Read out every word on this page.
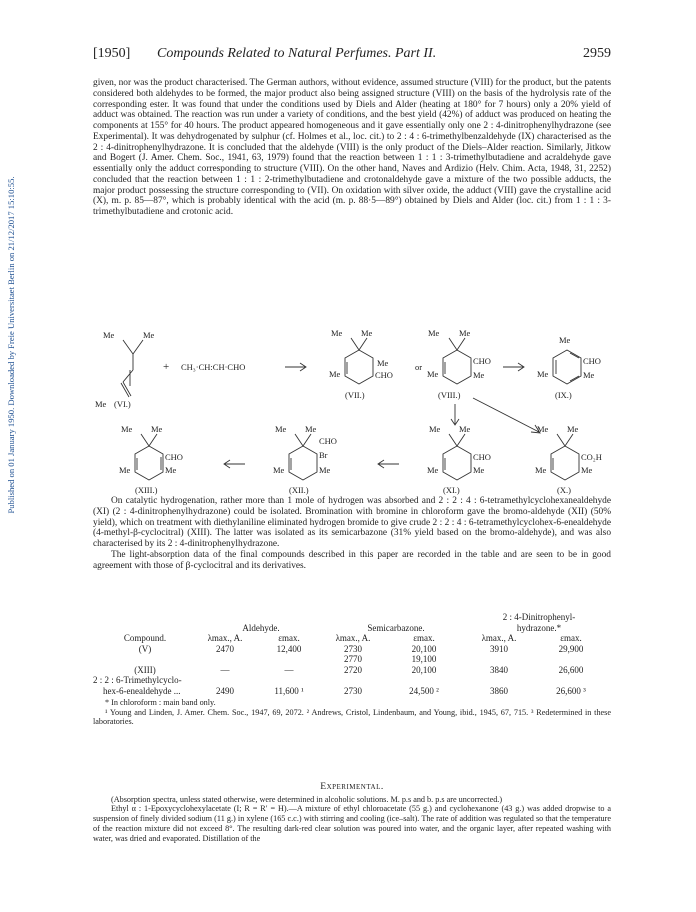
Published on 01 January 1950. Downloaded by Freie Universitaet Berlin on 21/12/2017 15:10:55.
[1950] Compounds Related to Natural Perfumes. Part II.	2959

given, nor was the product characterised. The German authors, without evidence, assumed structure (VIII) for the product, but the patents considered both aldehydes to be formed, the major product also being assigned structure (VIII) on the basis of the hydrolysis rate of the corresponding ester. It was found that under the conditions used by Diels and Alder (heating at 180° for 7 hours) only a 20% yield of adduct was obtained. The reaction was run under a variety of conditions, and the best yield (42%) of adduct was produced on heating the components at 155° for 40 hours. The product appeared homogeneous and it gave essentially only one 2 : 4-dinitrophenylhydrazone (see Experimental). It was dehydrogenated by sulphur (cf. Holmes et al., loc. cit.) to 2 : 4 : 6-trimethylbenzaldehyde (IX) characterised as the 2 : 4-dinitrophenylhydrazone. It is concluded that the aldehyde (VIII) is the only product of the Diels–Alder reaction. Similarly, Jitkow and Bogert (J. Amer. Chem. Soc., 1941, 63, 1979) found that the reaction between 1 : 1 : 3-trimethylbutadiene and acraldehyde gave essentially only the adduct corresponding to structure (VIII). On the other hand, Naves and Ardizio (Helv. Chim. Acta, 1948, 31, 2252) concluded that the reaction between 1 : 1 : 2-trimethylbutadiene and crotonaldehyde gave a mixture of the two possible adducts, the major product possessing the structure corresponding to (VII). On oxidation with silver oxide, the adduct (VIII) gave the crystalline acid (X), m. p. 85—87°, which is probably identical with the acid (m. p. 88·5—89°) obtained by Diels and Alder (loc. cit.) from 1 : 1 : 3-trimethylbutadiene and crotonic acid.

Me	Me
Me (VI.)
+ CH₃·CH:CH·CHO
Me Me
Me
Me	CHO
(VII.)
or
Me Me
CHO
Me	Me
(VIII.)
Me
CHO
Me	Me
(IX.)
Me Me
CHO
Me	Me
(XIII.)
Me Me
CHO
Br
Me	Me
(XII.)
Me Me
CHO
Me	Me
(XI.)
Me Me
CO₂H
Me	Me
(X.)

On catalytic hydrogenation, rather more than 1 mole of hydrogen was absorbed and 2 : 2 : 4 : 6-tetramethylcyclohexanealdehyde (XI) (2 : 4-dinitrophenylhydrazone) could be isolated. Bromination with bromine in chloroform gave the bromo-aldehyde (XII) (50% yield), which on treatment with diethylaniline eliminated hydrogen bromide to give crude 2 : 2 : 4 : 6-tetramethylcyclohex-6-enealdehyde (4-methyl-β-cyclocitral) (XIII). The latter was isolated as its semicarbazone (31% yield based on the bromo-aldehyde), and was also characterised by its 2 : 4-dinitrophenylhydrazone.

The light-absorption data of the final compounds described in this paper are recorded in the table and are seen to be in good agreement with those of β-cyclocitral and its derivatives.

					2 : 4-Dinitrophenyl-	
	Aldehyde.		Semicarbazone.		hydrazone.*	
Compound.	λmax., A.	εmax.	λmax., A.	εmax.	λmax., A.	εmax.
(V)	2470	12,400	2730	20,100	3910	29,900
			2770	19,100		
(XIII)	—	—	2720	20,100	3840	26,600
2 : 2 : 6-Trimethylcyclo-						
hex-6-enealdehyde ...	2490	11,600 ¹	2730	24,500 ²	3860	26,600 ³
* In chloroform : main band only.
¹ Young and Linden, J. Amer. Chem. Soc., 1947, 69, 2072. ² Andrews, Cristol, Lindenbaum, and Young, ibid., 1945, 67, 715. ³ Redetermined in these laboratories.
Experimental.

(Absorption spectra, unless stated otherwise, were determined in alcoholic solutions. M. p.s and b. p.s are uncorrected.)

Ethyl α : 1-Epoxycyclohexylacetate (I; R = R′ = H).—A mixture of ethyl chloroacetate (55 g.) and cyclohexanone (43 g.) was added dropwise to a suspension of finely divided sodium (11 g.) in xylene (165 c.c.) with stirring and cooling (ice–salt). The rate of addition was regulated so that the temperature of the reaction mixture did not exceed 8°. The resulting dark-red clear solution was poured into water, and the organic layer, after repeated washing with water, was dried and evaporated. Distillation of the
